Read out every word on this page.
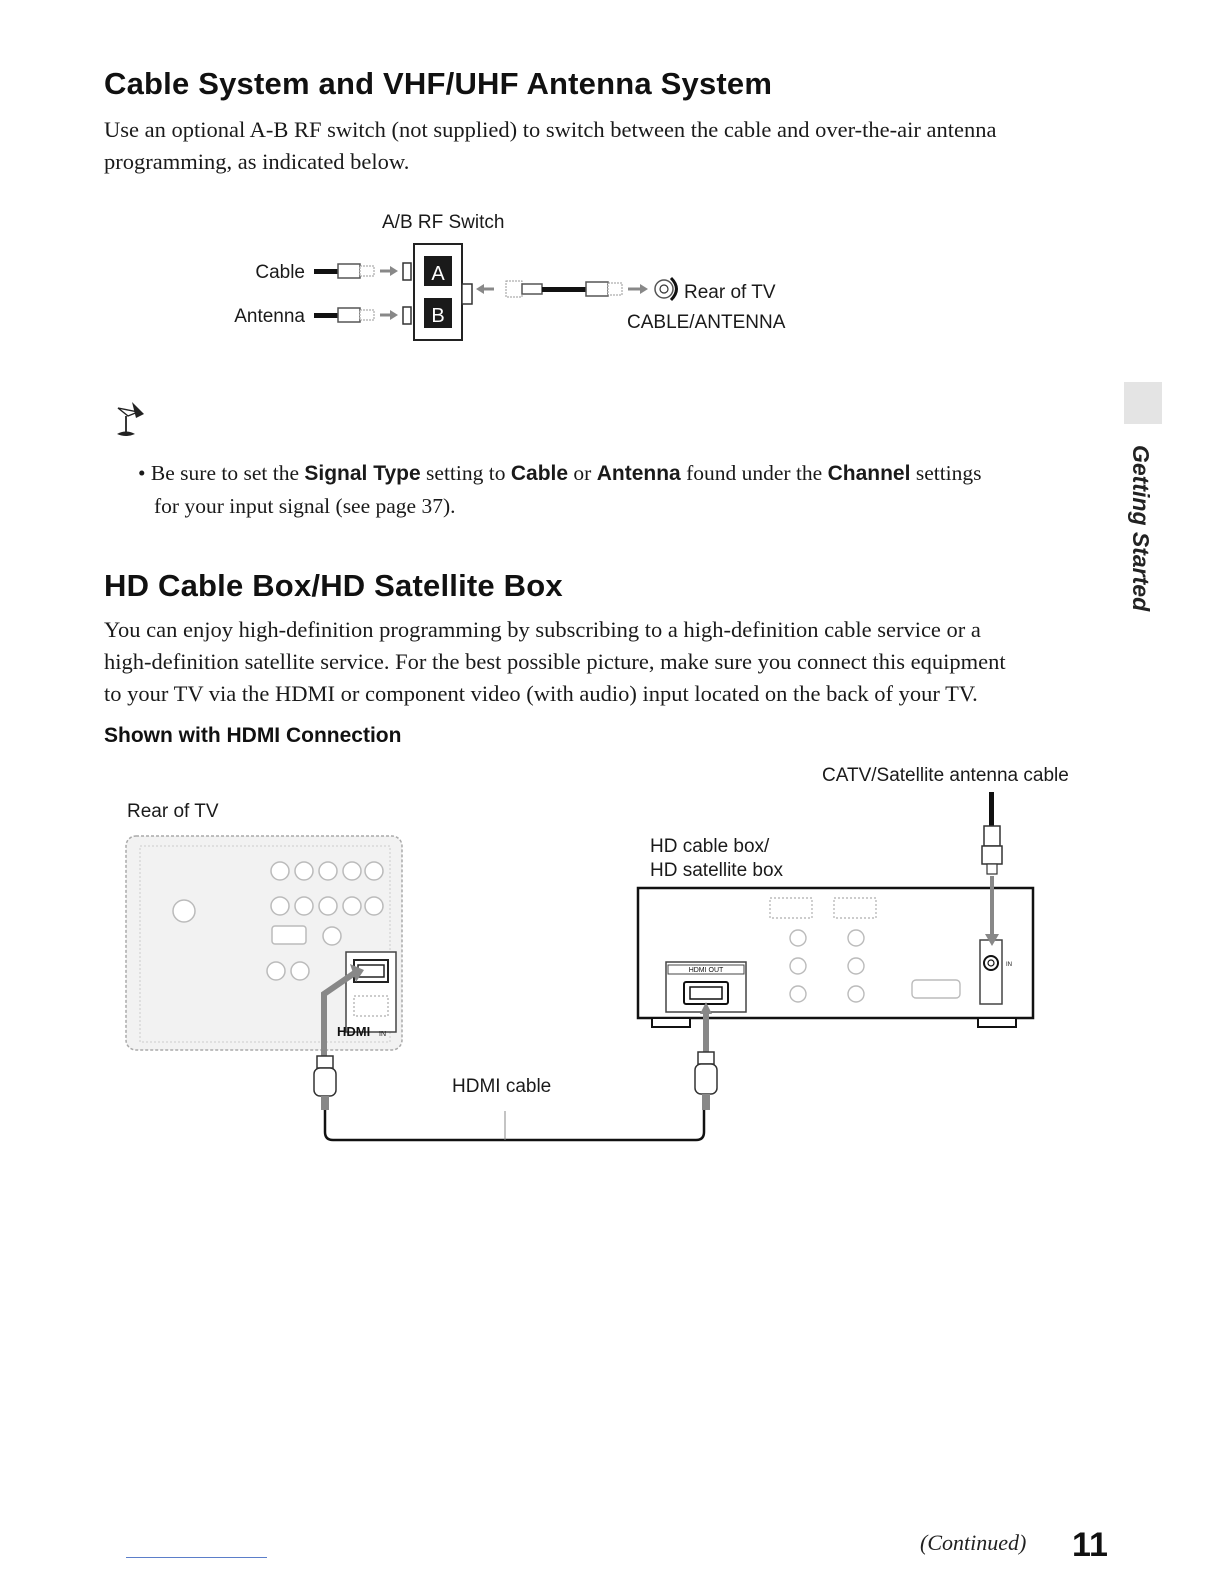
Cable System and VHF/UHF Antenna System
Use an optional A-B RF switch (not supplied) to switch between the cable and over-the-air antenna
programming, as indicated below.
A/B RF Switch
Cable
Antenna
A
B
Rear of TV
CABLE/ANTENNA
• Be sure to set the Signal Type setting to Cable or Antenna found under the Channel settings
for your input signal (see page 37).
HD Cable Box/HD Satellite Box
You can enjoy high-definition programming by subscribing to a high-definition cable service or a
high-definition satellite service. For the best possible picture, make sure you connect this equipment
to your TV via the HDMI or component video (with audio) input located on the back of your TV.
Shown with HDMI Connection
CATV/Satellite antenna cable
Rear of TV
HDMI IN
HDMI cable
HD cable box/
HD satellite box
HDMI OUT
IN
Getting Started
(Continued) 11
